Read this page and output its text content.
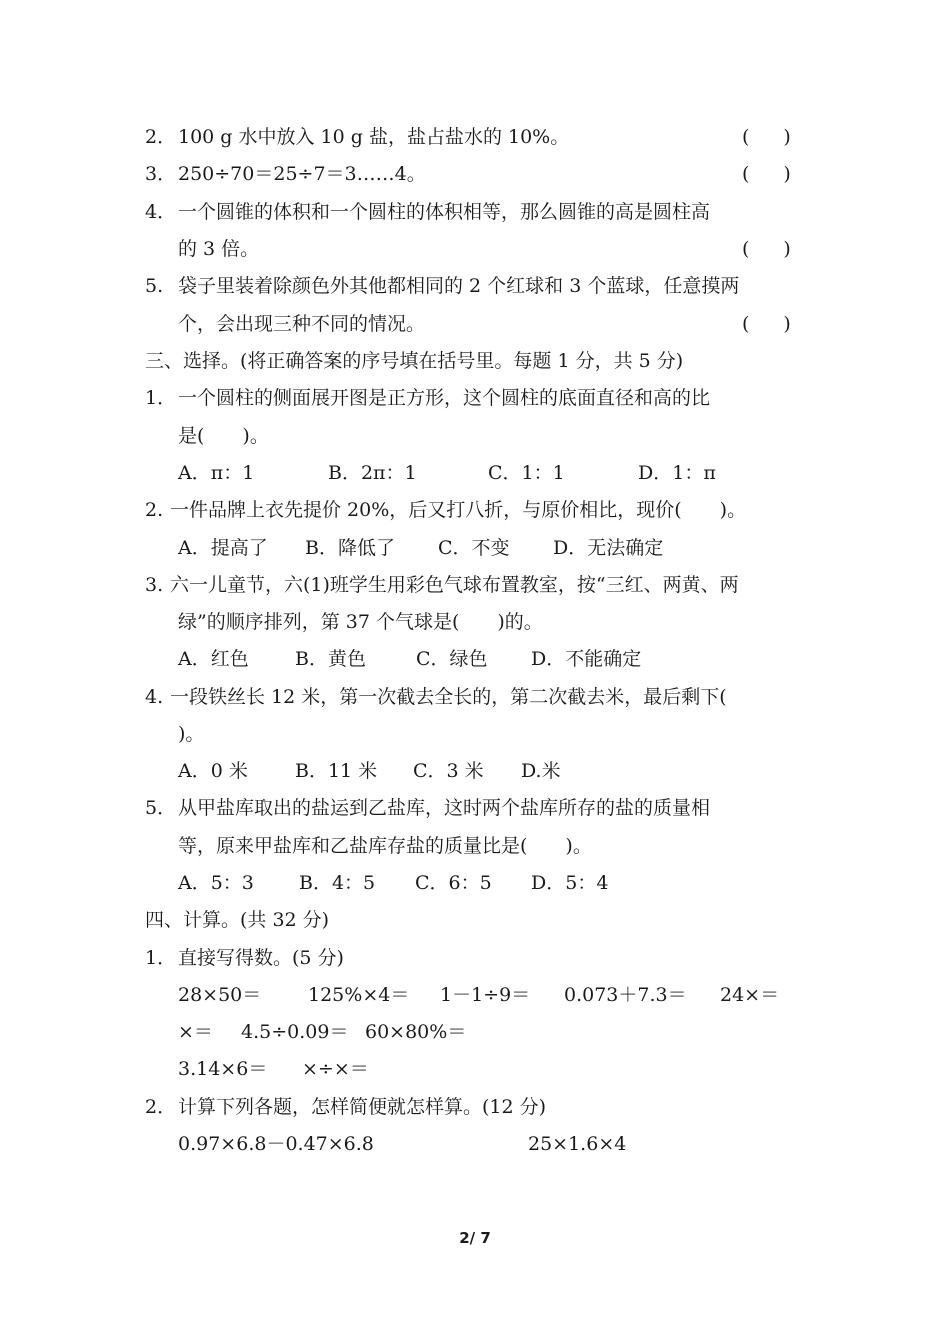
2． 100 g 水中放入 10 g 盐，盐占盐水的 10%。	( )
3． 250÷70＝25÷7＝3……4。	( )
4． 一个圆锥的体积和一个圆柱的体积相等，那么圆锥的高是圆柱高
的 3 倍。	( )
5. 袋子里装着除颜色外其他都相同的 2 个红球和 3 个蓝球，任意摸两
个，会出现三种不同的情况。	( )
三、选择。(将正确答案的序号填在括号里。每题 1 分，共 5 分)
1． 一个圆柱的侧面展开图是正方形，这个圆柱的底面直径和高的比
是(　　)。
A．π：1	B．2π：1	C．1：1	D．1：π
2. 一件品牌上衣先提价 20%，后又打八折，与原价相比，现价(　　)。
A．提高了 B．降低了 C．不变 D．无法确定
3. 六一儿童节，六(1)班学生用彩色气球布置教室，按“三红、两黄、两
绿”的顺序排列，第 37 个气球是(　　)的。
A．红色 B．黄色	C．绿色 D．不能确定
4. 一段铁丝长 12 米，第一次截去全长的，第二次截去米，最后剩下(
)。
A．0 米 B．11 米 C．3 米 D.米
5． 从甲盐库取出的盐运到乙盐库，这时两个盐库所存的盐的质量相
等，原来甲盐库和乙盐库存盐的质量比是(　　)。
A．5：3 B．4：5 C．6：5 D．5：4
四、计算。(共 32 分)
1． 直接写得数。(5 分)
28×50＝ 125%×4＝ 1－1÷9＝ 0.073＋7.3＝ 24×＝
×＝ 4.5÷0.09＝ 60×80%＝
3.14×6＝ ×÷×＝
2． 计算下列各题，怎样简便就怎样算。(12 分)
0.97×6.8－0.47×6.8	25×1.6×4
2/ 7
